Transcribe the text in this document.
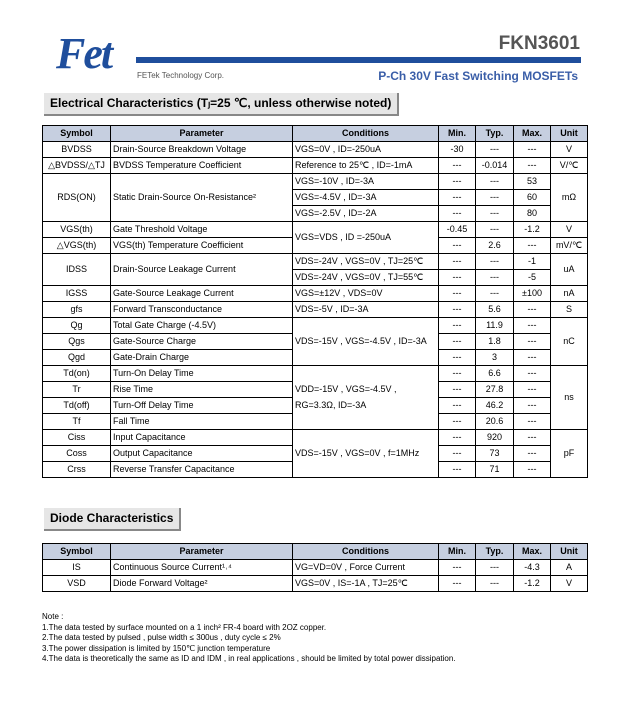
Fet	FETek Technology Corp.
FKN3601
P-Ch 30V Fast Switching MOSFETs
Electrical Characteristics (Tⱼ=25 ℃, unless otherwise noted)
Symbol	Parameter	Conditions	Min.	Typ.	Max.	Unit
BVDSS	Drain-Source Breakdown Voltage	VGS=0V , ID=-250uA	-30	---	---	V
△BVDSS/△TJ	BVDSS Temperature Coefficient	Reference to 25℃ , ID=-1mA	---	-0.014	---	V/℃
RDS(ON)	Static Drain-Source On-Resistance²	VGS=-10V , ID=-3A	---	---	53	mΩ
		VGS=-4.5V , ID=-3A	---	---	60	
		VGS=-2.5V , ID=-2A	---	---	80	
VGS(th)	Gate Threshold Voltage	VGS=VDS , ID =-250uA	-0.45	---	-1.2	V
△VGS(th)	VGS(th) Temperature Coefficient		---	2.6	---	mV/℃
IDSS	Drain-Source Leakage Current	VDS=-24V , VGS=0V , TJ=25℃	---	---	-1	uA
		VDS=-24V , VGS=0V , TJ=55℃	---	---	-5	
IGSS	Gate-Source Leakage Current	VGS=±12V , VDS=0V	---	---	±100	nA
gfs	Forward Transconductance	VDS=-5V , ID=-3A	---	5.6	---	S
Qg	Total Gate Charge (-4.5V)	VDS=-15V , VGS=-4.5V , ID=-3A	---	11.9	---	nC
Qgs	Gate-Source Charge		---	1.8	---	
Qgd	Gate-Drain Charge		---	3	---	
Td(on)	Turn-On Delay Time		---	6.6	---	ns
Tr	Rise Time	VDD=-15V , VGS=-4.5V ,	---	27.8	---	
Td(off)	Turn-Off Delay Time	RG=3.3Ω, ID=-3A	---	46.2	---	
Tf	Fall Time		---	20.6	---	
Ciss	Input Capacitance	VDS=-15V , VGS=0V , f=1MHz	---	920	---	pF
Coss	Output Capacitance		---	73	---	
Crss	Reverse Transfer Capacitance		---	71	---	
Diode Characteristics
Symbol	Parameter	Conditions	Min.	Typ.	Max.	Unit
IS	Continuous Source Current¹˒⁴	VG=VD=0V , Force Current	---	---	-4.3	A
VSD	Diode Forward Voltage²	VGS=0V , IS=-1A , TJ=25℃	---	---	-1.2	V
Note :
1.The data tested by surface mounted on a 1 inch² FR-4 board with 2OZ copper.
2.The data tested by pulsed , pulse width ≤ 300us , duty cycle ≤ 2%
3.The power dissipation is limited by 150℃ junction temperature
4.The data is theoretically the same as ID and IDM , in real applications , should be limited by total power dissipation.
